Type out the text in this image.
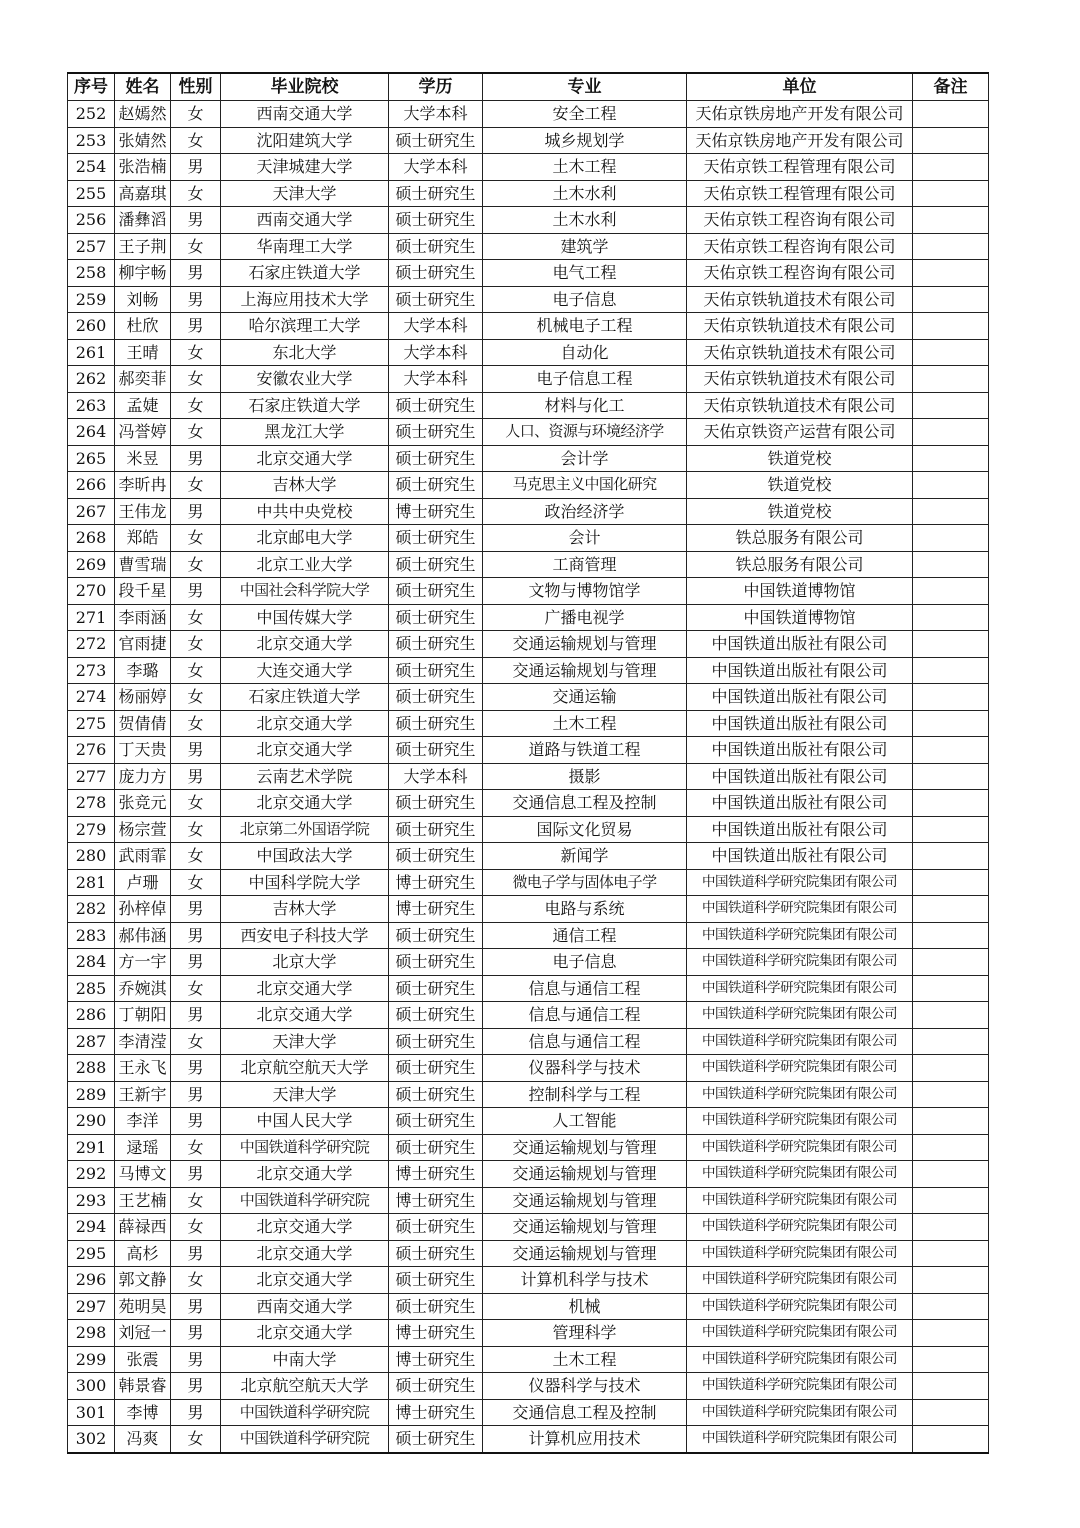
序号	姓名	性别	毕业院校	学历	专业	单位	备注
252	赵嫣然	女	西南交通大学	大学本科	安全工程	天佑京铁房地产开发有限公司	
253	张婧然	女	沈阳建筑大学	硕士研究生	城乡规划学	天佑京铁房地产开发有限公司	
254	张浩楠	男	天津城建大学	大学本科	土木工程	天佑京铁工程管理有限公司	
255	高嘉琪	女	天津大学	硕士研究生	土木水利	天佑京铁工程管理有限公司	
256	潘彝滔	男	西南交通大学	硕士研究生	土木水利	天佑京铁工程咨询有限公司	
257	王子荆	女	华南理工大学	硕士研究生	建筑学	天佑京铁工程咨询有限公司	
258	柳宇畅	男	石家庄铁道大学	硕士研究生	电气工程	天佑京铁工程咨询有限公司	
259	刘畅	男	上海应用技术大学	硕士研究生	电子信息	天佑京铁轨道技术有限公司	
260	杜欣	男	哈尔滨理工大学	大学本科	机械电子工程	天佑京铁轨道技术有限公司	
261	王晴	女	东北大学	大学本科	自动化	天佑京铁轨道技术有限公司	
262	郝奕菲	女	安徽农业大学	大学本科	电子信息工程	天佑京铁轨道技术有限公司	
263	孟婕	女	石家庄铁道大学	硕士研究生	材料与化工	天佑京铁轨道技术有限公司	
264	冯誉婷	女	黑龙江大学	硕士研究生	人口、资源与环境经济学	天佑京铁资产运营有限公司	
265	米昱	男	北京交通大学	硕士研究生	会计学	铁道党校	
266	李昕冉	女	吉林大学	硕士研究生	马克思主义中国化研究	铁道党校	
267	王伟龙	男	中共中央党校	博士研究生	政治经济学	铁道党校	
268	郑皓	女	北京邮电大学	硕士研究生	会计	铁总服务有限公司	
269	曹雪瑞	女	北京工业大学	硕士研究生	工商管理	铁总服务有限公司	
270	段千星	男	中国社会科学院大学	硕士研究生	文物与博物馆学	中国铁道博物馆	
271	李雨涵	女	中国传媒大学	硕士研究生	广播电视学	中国铁道博物馆	
272	官雨捷	女	北京交通大学	硕士研究生	交通运输规划与管理	中国铁道出版社有限公司	
273	李璐	女	大连交通大学	硕士研究生	交通运输规划与管理	中国铁道出版社有限公司	
274	杨丽婷	女	石家庄铁道大学	硕士研究生	交通运输	中国铁道出版社有限公司	
275	贺倩倩	女	北京交通大学	硕士研究生	土木工程	中国铁道出版社有限公司	
276	丁天贵	男	北京交通大学	硕士研究生	道路与铁道工程	中国铁道出版社有限公司	
277	庞力方	男	云南艺术学院	大学本科	摄影	中国铁道出版社有限公司	
278	张竞元	女	北京交通大学	硕士研究生	交通信息工程及控制	中国铁道出版社有限公司	
279	杨宗萱	女	北京第二外国语学院	硕士研究生	国际文化贸易	中国铁道出版社有限公司	
280	武雨霏	女	中国政法大学	硕士研究生	新闻学	中国铁道出版社有限公司	
281	卢珊	女	中国科学院大学	博士研究生	微电子学与固体电子学	中国铁道科学研究院集团有限公司	
282	孙梓倬	男	吉林大学	博士研究生	电路与系统	中国铁道科学研究院集团有限公司	
283	郝伟涵	男	西安电子科技大学	硕士研究生	通信工程	中国铁道科学研究院集团有限公司	
284	方一宇	男	北京大学	硕士研究生	电子信息	中国铁道科学研究院集团有限公司	
285	乔婉淇	女	北京交通大学	硕士研究生	信息与通信工程	中国铁道科学研究院集团有限公司	
286	丁朝阳	男	北京交通大学	硕士研究生	信息与通信工程	中国铁道科学研究院集团有限公司	
287	李清滢	女	天津大学	硕士研究生	信息与通信工程	中国铁道科学研究院集团有限公司	
288	王永飞	男	北京航空航天大学	硕士研究生	仪器科学与技术	中国铁道科学研究院集团有限公司	
289	王新宇	男	天津大学	硕士研究生	控制科学与工程	中国铁道科学研究院集团有限公司	
290	李洋	男	中国人民大学	硕士研究生	人工智能	中国铁道科学研究院集团有限公司	
291	逯瑶	女	中国铁道科学研究院	硕士研究生	交通运输规划与管理	中国铁道科学研究院集团有限公司	
292	马博文	男	北京交通大学	博士研究生	交通运输规划与管理	中国铁道科学研究院集团有限公司	
293	王艺楠	女	中国铁道科学研究院	博士研究生	交通运输规划与管理	中国铁道科学研究院集团有限公司	
294	薛禄西	女	北京交通大学	硕士研究生	交通运输规划与管理	中国铁道科学研究院集团有限公司	
295	高杉	男	北京交通大学	硕士研究生	交通运输规划与管理	中国铁道科学研究院集团有限公司	
296	郭文静	女	北京交通大学	硕士研究生	计算机科学与技术	中国铁道科学研究院集团有限公司	
297	苑明昊	男	西南交通大学	硕士研究生	机械	中国铁道科学研究院集团有限公司	
298	刘冠一	男	北京交通大学	博士研究生	管理科学	中国铁道科学研究院集团有限公司	
299	张震	男	中南大学	博士研究生	土木工程	中国铁道科学研究院集团有限公司	
300	韩景睿	男	北京航空航天大学	硕士研究生	仪器科学与技术	中国铁道科学研究院集团有限公司	
301	李博	男	中国铁道科学研究院	博士研究生	交通信息工程及控制	中国铁道科学研究院集团有限公司	
302	冯爽	女	中国铁道科学研究院	硕士研究生	计算机应用技术	中国铁道科学研究院集团有限公司	
